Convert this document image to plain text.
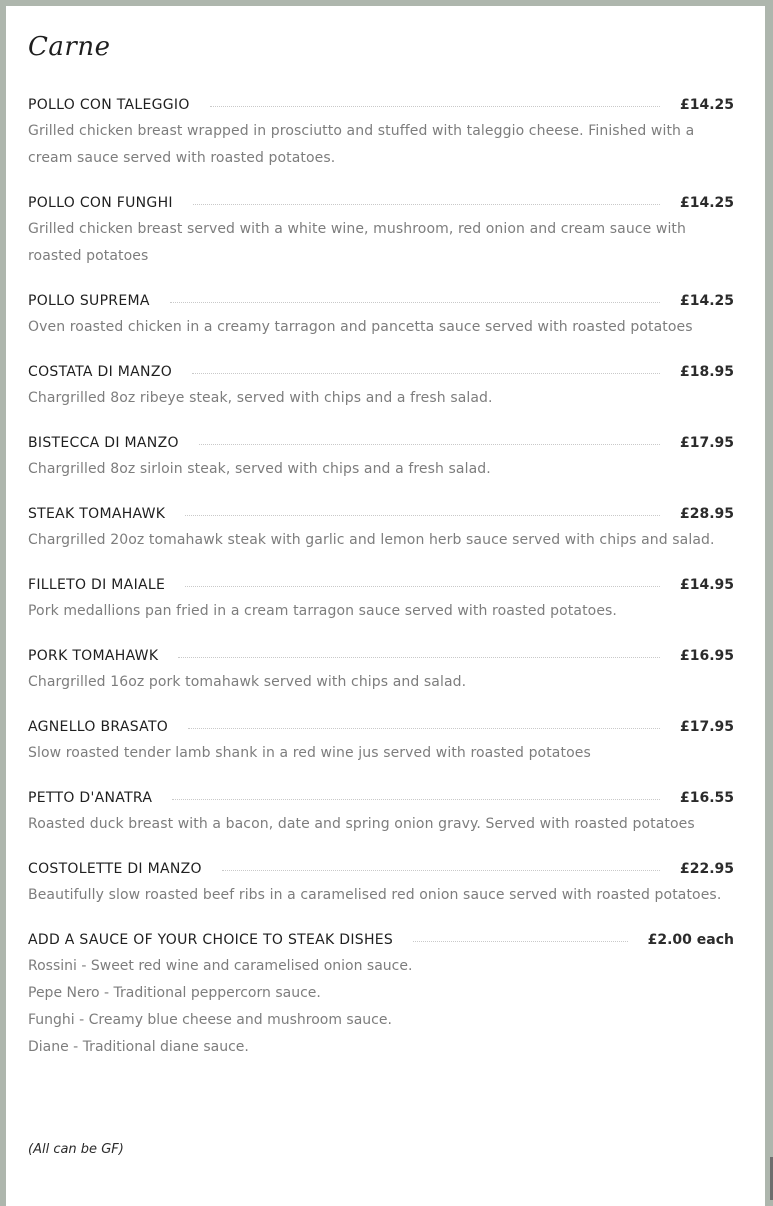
Carne
POLLO CON TALEGGIO	£14.25
Grilled chicken breast wrapped in prosciutto and stuffed with taleggio cheese. Finished with a cream sauce served with roasted potatoes.
POLLO CON FUNGHI	£14.25
Grilled chicken breast served with a white wine, mushroom, red onion and cream sauce with roasted potatoes
POLLO SUPREMA	£14.25
Oven roasted chicken in a creamy tarragon and pancetta sauce served with roasted potatoes
COSTATA DI MANZO	£18.95
Chargrilled 8oz ribeye steak, served with chips and a fresh salad.
BISTECCA DI MANZO	£17.95
Chargrilled 8oz sirloin steak, served with chips and a fresh salad.
STEAK TOMAHAWK	£28.95
Chargrilled 20oz tomahawk steak with garlic and lemon herb sauce served with chips and salad.
FILLETO DI MAIALE	£14.95
Pork medallions pan fried in a cream tarragon sauce served with roasted potatoes.
PORK TOMAHAWK	£16.95
Chargrilled 16oz pork tomahawk served with chips and salad.
AGNELLO BRASATO	£17.95
Slow roasted tender lamb shank in a red wine jus served with roasted potatoes
PETTO D'ANATRA	£16.55
Roasted duck breast with a bacon, date and spring onion gravy. Served with roasted potatoes
COSTOLETTE DI MANZO	£22.95
Beautifully slow roasted beef ribs in a caramelised red onion sauce served with roasted potatoes.
ADD A SAUCE OF YOUR CHOICE TO STEAK DISHES	£2.00 each
Rossini - Sweet red wine and caramelised onion sauce.
Pepe Nero - Traditional peppercorn sauce.
Funghi - Creamy blue cheese and mushroom sauce.
Diane - Traditional diane sauce.
(All can be GF)
